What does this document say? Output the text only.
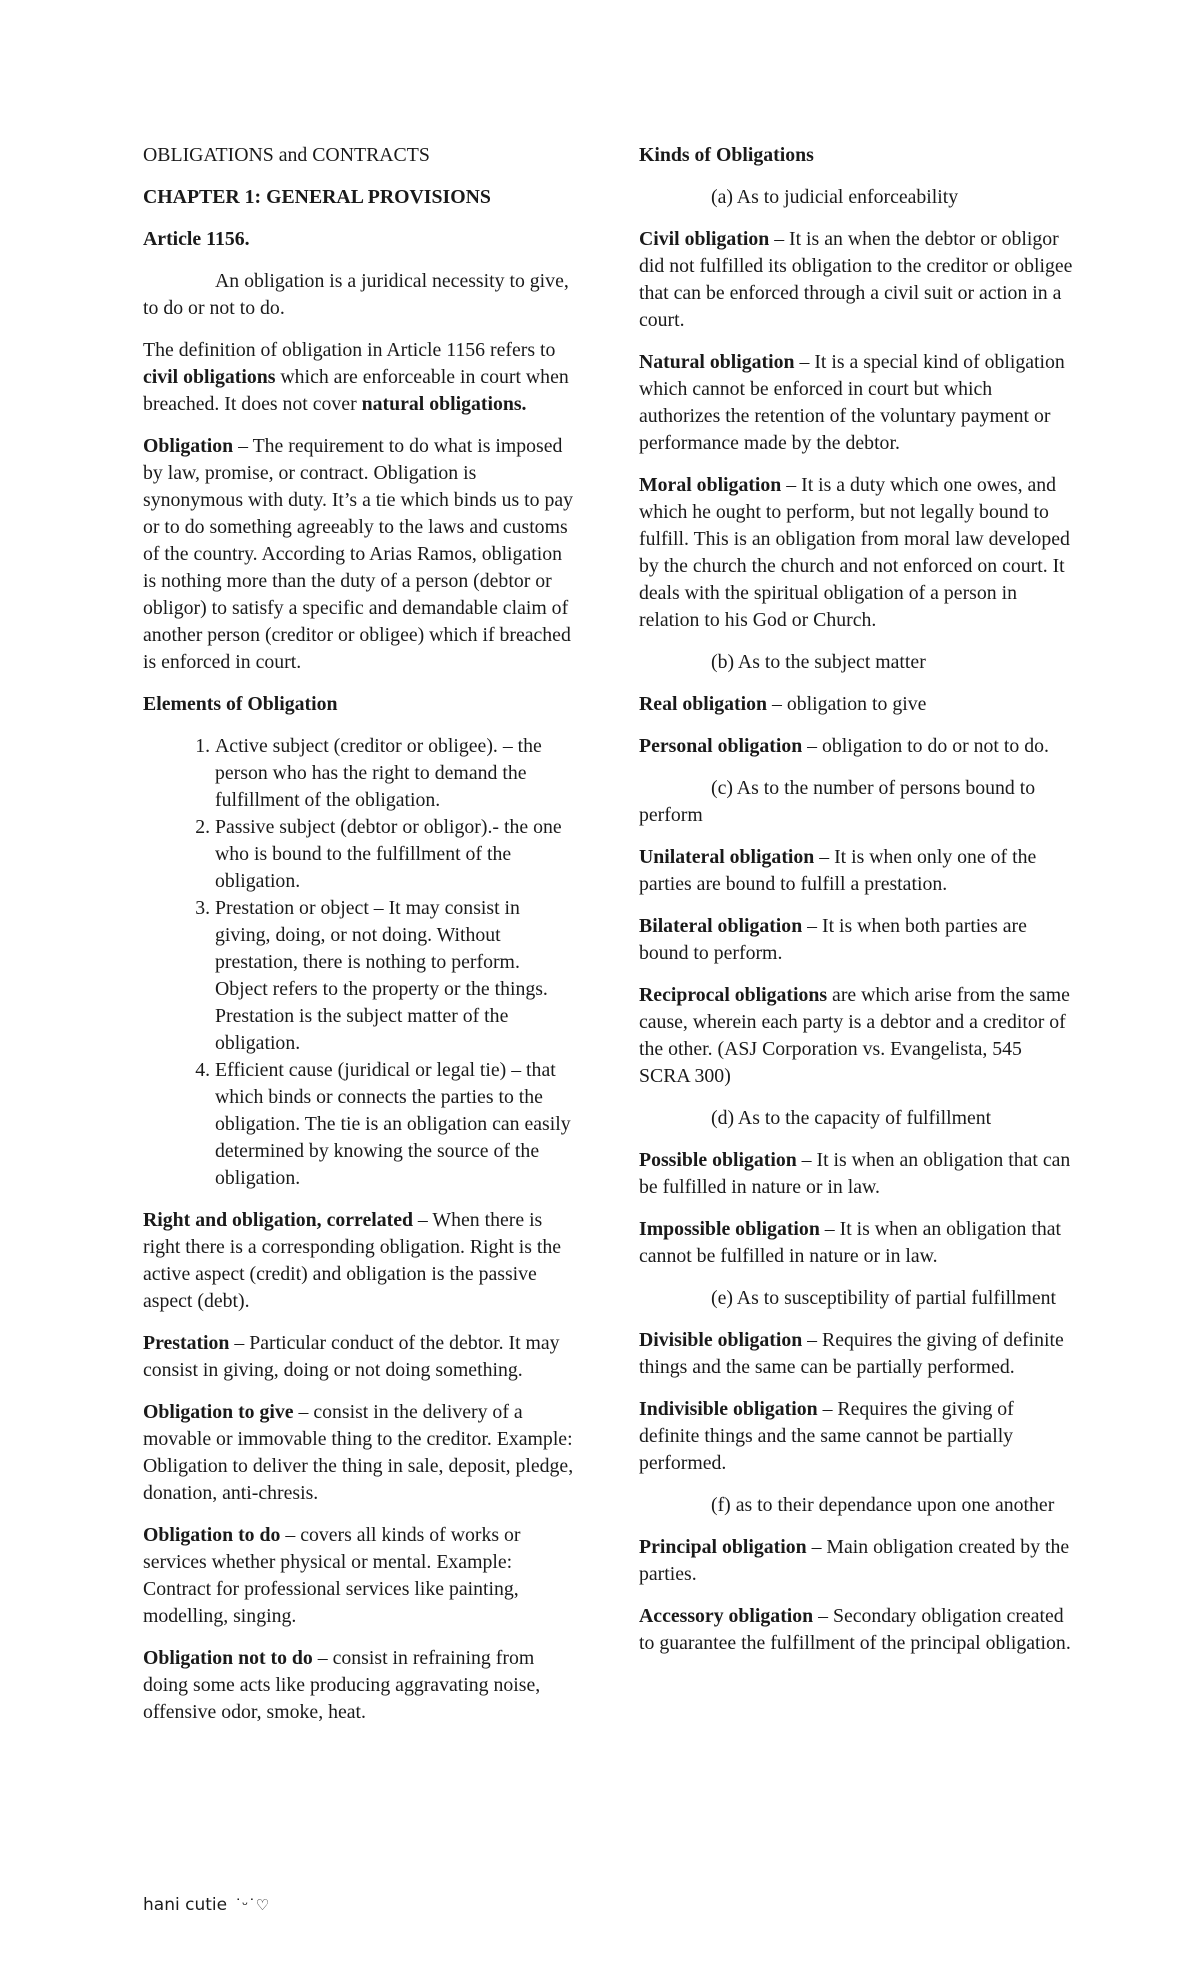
OBLIGATIONS and CONTRACTS

CHAPTER 1: GENERAL PROVISIONS

Article 1156.

An obligation is a juridical necessity to give, to do or not to do.

The definition of obligation in Article 1156 refers to civil obligations which are enforceable in court when breached. It does not cover natural obligations.

Obligation – The requirement to do what is imposed by law, promise, or contract. Obligation is synonymous with duty. It’s a tie which binds us to pay or to do something agreeably to the laws and customs of the country. According to Arias Ramos, obligation is nothing more than the duty of a person (debtor or obligor) to satisfy a specific and demandable claim of another person (creditor or obligee) which if breached is enforced in court.

Elements of Obligation

1. Active subject (creditor or obligee). – the person who has the right to demand the fulfillment of the obligation.
2. Passive subject (debtor or obligor).- the one who is bound to the fulfillment of the obligation.
3. Prestation or object – It may consist in giving, doing, or not doing. Without prestation, there is nothing to perform. Object refers to the property or the things. Prestation is the subject matter of the obligation.
4. Efficient cause (juridical or legal tie) – that which binds or connects the parties to the obligation. The tie is an obligation can easily determined by knowing the source of the obligation.

Right and obligation, correlated – When there is right there is a corresponding obligation. Right is the active aspect (credit) and obligation is the passive aspect (debt).

Prestation – Particular conduct of the debtor. It may consist in giving, doing or not doing something.

Obligation to give – consist in the delivery of a movable or immovable thing to the creditor. Example: Obligation to deliver the thing in sale, deposit, pledge, donation, anti-chresis.

Obligation to do – covers all kinds of works or services whether physical or mental. Example: Contract for professional services like painting, modelling, singing.

Obligation not to do – consist in refraining from doing some acts like producing aggravating noise, offensive odor, smoke, heat.

Kinds of Obligations

(a) As to judicial enforceability

Civil obligation – It is an when the debtor or obligor did not fulfilled its obligation to the creditor or obligee that can be enforced through a civil suit or action in a court.

Natural obligation – It is a special kind of obligation which cannot be enforced in court but which authorizes the retention of the voluntary payment or performance made by the debtor.

Moral obligation – It is a duty which one owes, and which he ought to perform, but not legally bound to fulfill. This is an obligation from moral law developed by the church the church and not enforced on court. It deals with the spiritual obligation of a person in relation to his God or Church.

(b) As to the subject matter

Real obligation – obligation to give

Personal obligation – obligation to do or not to do.

(c) As to the number of persons bound to perform

Unilateral obligation – It is when only one of the parties are bound to fulfill a prestation.

Bilateral obligation – It is when both parties are bound to perform.

Reciprocal obligations are which arise from the same cause, wherein each party is a debtor and a creditor of the other. (ASJ Corporation vs. Evangelista, 545 SCRA 300)

(d) As to the capacity of fulfillment

Possible obligation – It is when an obligation that can be fulfilled in nature or in law.

Impossible obligation – It is when an obligation that cannot be fulfilled in nature or in law.

(e) As to susceptibility of partial fulfillment

Divisible obligation – Requires the giving of definite things and the same can be partially performed.

Indivisible obligation – Requires the giving of definite things and the same cannot be partially performed.

(f) as to their dependance upon one another

Principal obligation – Main obligation created by the parties.

Accessory obligation – Secondary obligation created to guarantee the fulfillment of the principal obligation.

hani cutie ˙ᵕ˙♡
